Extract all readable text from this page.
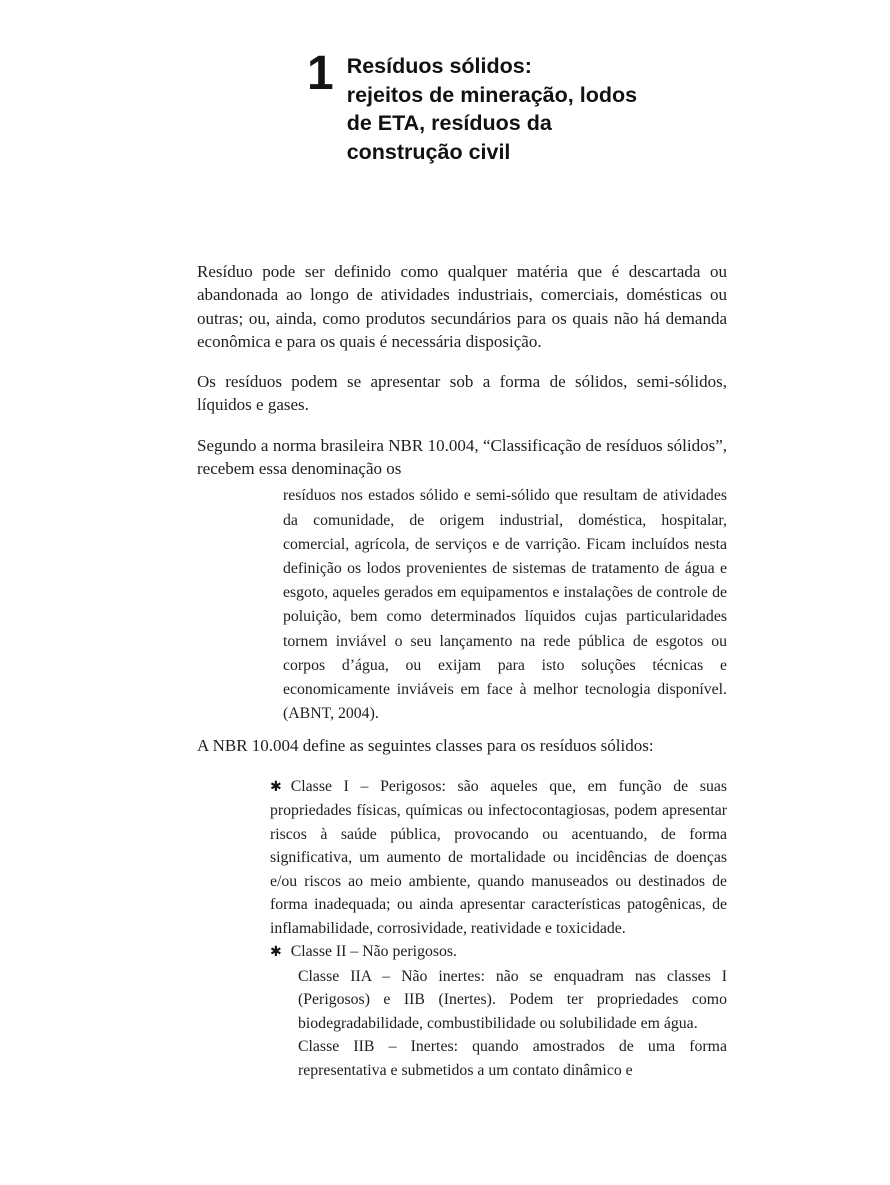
1 Resíduos sólidos:
rejeitos de mineração, lodos
de ETA, resíduos da
construção civil

Resíduo pode ser definido como qualquer matéria que é descartada ou abandonada ao longo de atividades industriais, comerciais, domésticas ou outras; ou, ainda, como produtos secundários para os quais não há demanda econômica e para os quais é necessária disposição.

Os resíduos podem se apresentar sob a forma de sólidos, semi-sólidos, líquidos e gases.

Segundo a norma brasileira NBR 10.004, “Classificação de resíduos sólidos”, recebem essa denominação os

resíduos nos estados sólido e semi-sólido que resultam de atividades da comunidade, de origem industrial, doméstica, hospitalar, comercial, agrícola, de serviços e de varrição. Ficam incluídos nesta definição os lodos provenientes de sistemas de tratamento de água e esgoto, aqueles gerados em equipamentos e instalações de controle de poluição, bem como determinados líquidos cujas particularidades tornem inviável o seu lançamento na rede pública de esgotos ou corpos d’água, ou exijam para isto soluções técnicas e economicamente inviáveis em face à melhor tecnologia disponível. (ABNT, 2004).

A NBR 10.004 define as seguintes classes para os resíduos sólidos:

✱ Classe I – Perigosos: são aqueles que, em função de suas propriedades físicas, químicas ou infectocontagiosas, podem apresentar riscos à saúde pública, provocando ou acentuando, de forma significativa, um aumento de mortalidade ou incidências de doenças e/ou riscos ao meio ambiente, quando manuseados ou destinados de forma inadequada; ou ainda apresentar características patogênicas, de inflamabilidade, corrosividade, reatividade e toxicidade.
✱ Classe II – Não perigosos.
Classe IIA – Não inertes: não se enquadram nas classes I (Perigosos) e IIB (Inertes). Podem ter propriedades como biodegradabilidade, combustibilidade ou solubilidade em água.
Classe IIB – Inertes: quando amostrados de uma forma representativa e submetidos a um contato dinâmico e
